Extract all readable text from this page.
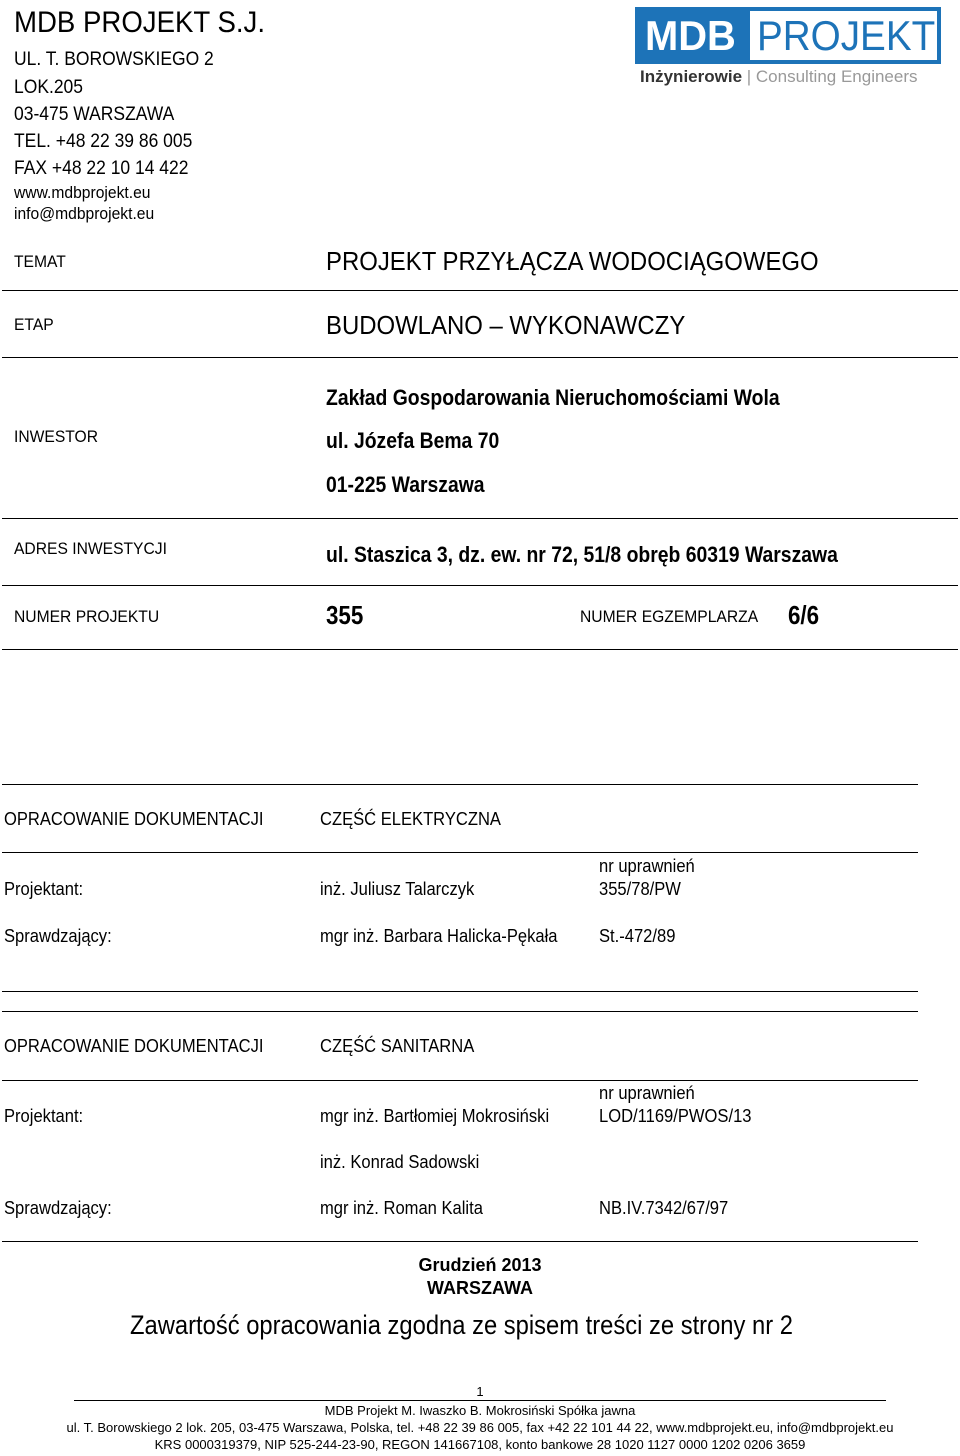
MDB PROJEKT S.J.
UL. T. BOROWSKIEGO 2
LOK.205
03-475 WARSZAWA
TEL. +48 22 39 86 005
FAX +48 22 10 14 422
www.mdbprojekt.eu
info@mdbprojekt.eu
MDB PROJEKT
Inżynierowie | Consulting Engineers
TEMAT	PROJEKT PRZYŁĄCZA WODOCIĄGOWEGO
ETAP	BUDOWLANO – WYKONAWCZY
INWESTOR
Zakład Gospodarowania Nieruchomościami Wola
ul. Józefa Bema 70
01-225 Warszawa
ADRES INWESTYCJI	ul. Staszica 3, dz. ew. nr 72, 51/8 obręb 60319 Warszawa
NUMER PROJEKTU	355	NUMER EGZEMPLARZA 6/6
OPRACOWANIE DOKUMENTACJI	CZĘŚĆ ELEKTRYCZNA
nr uprawnień
Projektant:	inż. Juliusz Talarczyk	355/78/PW
Sprawdzający:	mgr inż. Barbara Halicka-Pękała St.-472/89
OPRACOWANIE DOKUMENTACJI	CZĘŚĆ SANITARNA
nr uprawnień
Projektant:	mgr inż. Bartłomiej Mokrosiński	LOD/1169/PWOS/13
inż. Konrad Sadowski
Sprawdzający:	mgr inż. Roman Kalita	NB.IV.7342/67/97
Grudzień 2013
WARSZAWA
Zawartość opracowania zgodna ze spisem treści ze strony nr 2
1
MDB Projekt M. Iwaszko B. Mokrosiński Spółka jawna
ul. T. Borowskiego 2 lok. 205, 03-475 Warszawa, Polska, tel. +48 22 39 86 005, fax +42 22 101 44 22, www.mdbprojekt.eu, info@mdbprojekt.eu
KRS 0000319379, NIP 525-244-23-90, REGON 141667108, konto bankowe 28 1020 1127 0000 1202 0206 3659
